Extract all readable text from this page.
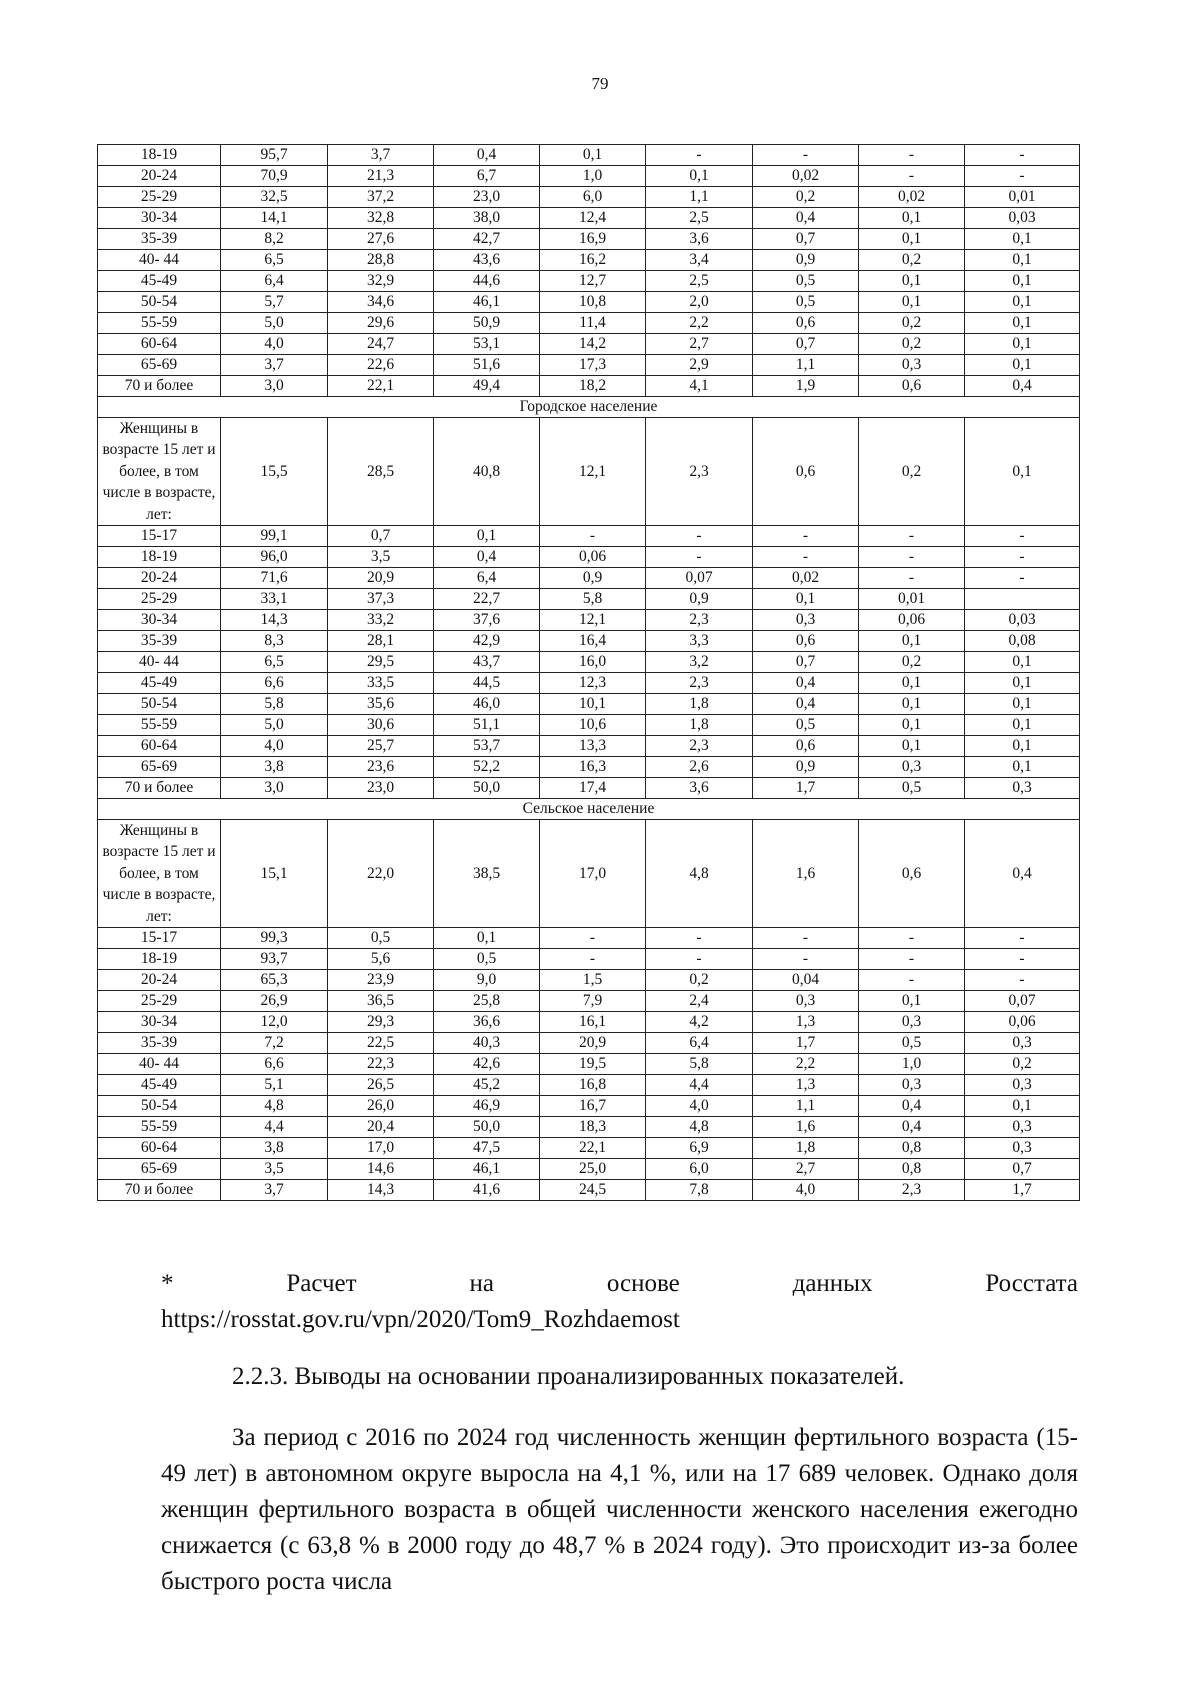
79
18-19	95,7	3,7	0,4	0,1	-	-	-	-
20-24	70,9	21,3	6,7	1,0	0,1	0,02	-	-
25-29	32,5	37,2	23,0	6,0	1,1	0,2	0,02	0,01
30-34	14,1	32,8	38,0	12,4	2,5	0,4	0,1	0,03
35-39	8,2	27,6	42,7	16,9	3,6	0,7	0,1	0,1
40- 44	6,5	28,8	43,6	16,2	3,4	0,9	0,2	0,1
45-49	6,4	32,9	44,6	12,7	2,5	0,5	0,1	0,1
50-54	5,7	34,6	46,1	10,8	2,0	0,5	0,1	0,1
55-59	5,0	29,6	50,9	11,4	2,2	0,6	0,2	0,1
60-64	4,0	24,7	53,1	14,2	2,7	0,7	0,2	0,1
65-69	3,7	22,6	51,6	17,3	2,9	1,1	0,3	0,1
70 и более	3,0	22,1	49,4	18,2	4,1	1,9	0,6	0,4
Городское население								
Женщины в возрасте 15 лет и более, в том числе в возрасте, лет:	15,5	28,5	40,8	12,1	2,3	0,6	0,2	0,1
15-17	99,1	0,7	0,1	-	-	-	-	-
18-19	96,0	3,5	0,4	0,06	-	-	-	-
20-24	71,6	20,9	6,4	0,9	0,07	0,02	-	-
25-29	33,1	37,3	22,7	5,8	0,9	0,1	0,01	
30-34	14,3	33,2	37,6	12,1	2,3	0,3	0,06	0,03
35-39	8,3	28,1	42,9	16,4	3,3	0,6	0,1	0,08
40- 44	6,5	29,5	43,7	16,0	3,2	0,7	0,2	0,1
45-49	6,6	33,5	44,5	12,3	2,3	0,4	0,1	0,1
50-54	5,8	35,6	46,0	10,1	1,8	0,4	0,1	0,1
55-59	5,0	30,6	51,1	10,6	1,8	0,5	0,1	0,1
60-64	4,0	25,7	53,7	13,3	2,3	0,6	0,1	0,1
65-69	3,8	23,6	52,2	16,3	2,6	0,9	0,3	0,1
70 и более	3,0	23,0	50,0	17,4	3,6	1,7	0,5	0,3
Сельское население								
Женщины в возрасте 15 лет и более, в том числе в возрасте, лет:	15,1	22,0	38,5	17,0	4,8	1,6	0,6	0,4
15-17	99,3	0,5	0,1	-	-	-	-	-
18-19	93,7	5,6	0,5	-	-	-	-	-
20-24	65,3	23,9	9,0	1,5	0,2	0,04	-	-
25-29	26,9	36,5	25,8	7,9	2,4	0,3	0,1	0,07
30-34	12,0	29,3	36,6	16,1	4,2	1,3	0,3	0,06
35-39	7,2	22,5	40,3	20,9	6,4	1,7	0,5	0,3
40- 44	6,6	22,3	42,6	19,5	5,8	2,2	1,0	0,2
45-49	5,1	26,5	45,2	16,8	4,4	1,3	0,3	0,3
50-54	4,8	26,0	46,9	16,7	4,0	1,1	0,4	0,1
55-59	4,4	20,4	50,0	18,3	4,8	1,6	0,4	0,3
60-64	3,8	17,0	47,5	22,1	6,9	1,8	0,8	0,3
65-69	3,5	14,6	46,1	25,0	6,0	2,7	0,8	0,7
70 и более	3,7	14,3	41,6	24,5	7,8	4,0	2,3	1,7
*	Расчет	на	основе	данных	Росстата
https://rosstat.gov.ru/vpn/2020/Tom9_Rozhdaemost
2.2.3. Выводы на основании проанализированных показателей.
За период с 2016 по 2024 год численность женщин фертильного возраста (15-49 лет) в автономном округе выросла на 4,1 %, или на 17 689 человек. Однако доля женщин фертильного возраста в общей численности женского населения ежегодно снижается (с 63,8 % в 2000 году до 48,7 % в 2024 году). Это происходит из-за более быстрого роста числа
